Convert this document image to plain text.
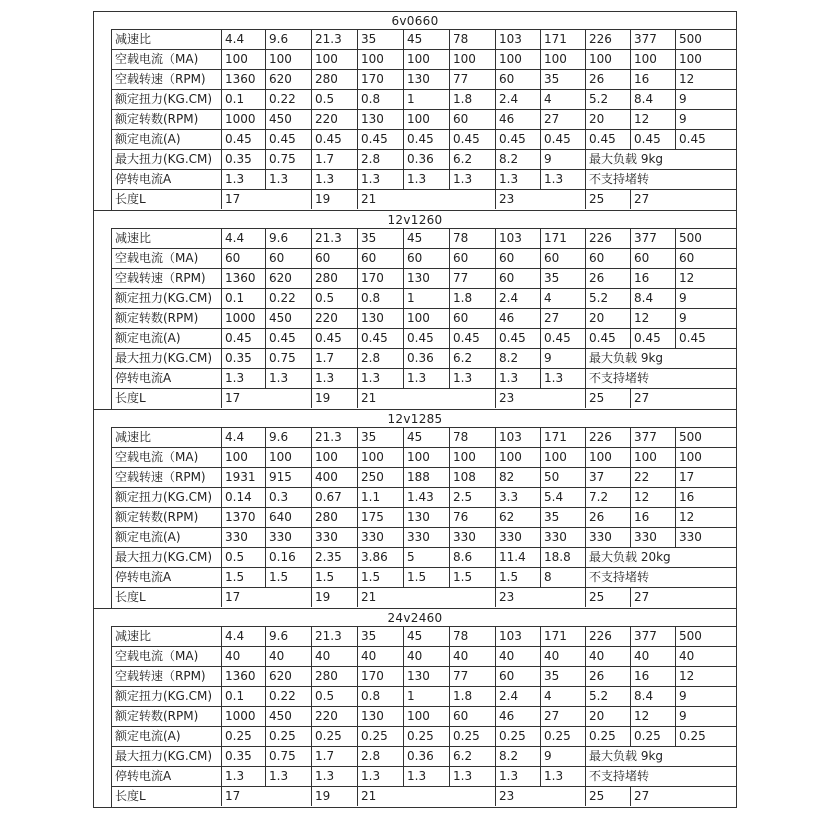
6v0660
减速比	4.4	9.6	21.3	35	45	78	103	171	226	377	500
空载电流（MA)	100	100	100	100	100	100	100	100	100	100	100
空载转速（RPM)	1360	620	280	170	130	77	60	35	26	16	12
额定扭力(KG.CM)	0.1	0.22	0.5	0.8	1	1.8	2.4	4	5.2	8.4	9
额定转数(RPM)	1000	450	220	130	100	60	46	27	20	12	9
额定电流(A)	0.45	0.45	0.45	0.45	0.45	0.45	0.45	0.45	0.45	0.45	0.45
最大扭力(KG.CM)	0.35	0.75	1.7	2.8	0.36	6.2	8.2	9	最大负载 9kg
停转电流A	1.3	1.3	1.3	1.3	1.3	1.3	1.3	1.3	不支持堵转
长度L	17	19	21	23	25	27
12v1260
减速比	4.4	9.6	21.3	35	45	78	103	171	226	377	500
空载电流（MA)	60	60	60	60	60	60	60	60	60	60	60
空载转速（RPM)	1360	620	280	170	130	77	60	35	26	16	12
额定扭力(KG.CM)	0.1	0.22	0.5	0.8	1	1.8	2.4	4	5.2	8.4	9
额定转数(RPM)	1000	450	220	130	100	60	46	27	20	12	9
额定电流(A)	0.45	0.45	0.45	0.45	0.45	0.45	0.45	0.45	0.45	0.45	0.45
最大扭力(KG.CM)	0.35	0.75	1.7	2.8	0.36	6.2	8.2	9	最大负载 9kg
停转电流A	1.3	1.3	1.3	1.3	1.3	1.3	1.3	1.3	不支持堵转
长度L	17	19	21	23	25	27
12v1285
减速比	4.4	9.6	21.3	35	45	78	103	171	226	377	500
空载电流（MA)	100	100	100	100	100	100	100	100	100	100	100
空载转速（RPM)	1931	915	400	250	188	108	82	50	37	22	17
额定扭力(KG.CM)	0.14	0.3	0.67	1.1	1.43	2.5	3.3	5.4	7.2	12	16
额定转数(RPM)	1370	640	280	175	130	76	62	35	26	16	12
额定电流(A)	330	330	330	330	330	330	330	330	330	330	330
最大扭力(KG.CM)	0.5	0.16	2.35	3.86	5	8.6	11.4	18.8	最大负载 20kg
停转电流A	1.5	1.5	1.5	1.5	1.5	1.5	1.5	8	不支持堵转
长度L	17	19	21	23	25	27
24v2460
减速比	4.4	9.6	21.3	35	45	78	103	171	226	377	500
空载电流（MA)	40	40	40	40	40	40	40	40	40	40	40
空载转速（RPM)	1360	620	280	170	130	77	60	35	26	16	12
额定扭力(KG.CM)	0.1	0.22	0.5	0.8	1	1.8	2.4	4	5.2	8.4	9
额定转数(RPM)	1000	450	220	130	100	60	46	27	20	12	9
额定电流(A)	0.25	0.25	0.25	0.25	0.25	0.25	0.25	0.25	0.25	0.25	0.25
最大扭力(KG.CM)	0.35	0.75	1.7	2.8	0.36	6.2	8.2	9	最大负载 9kg
停转电流A	1.3	1.3	1.3	1.3	1.3	1.3	1.3	1.3	不支持堵转
长度L	17	19	21	23	25	27
